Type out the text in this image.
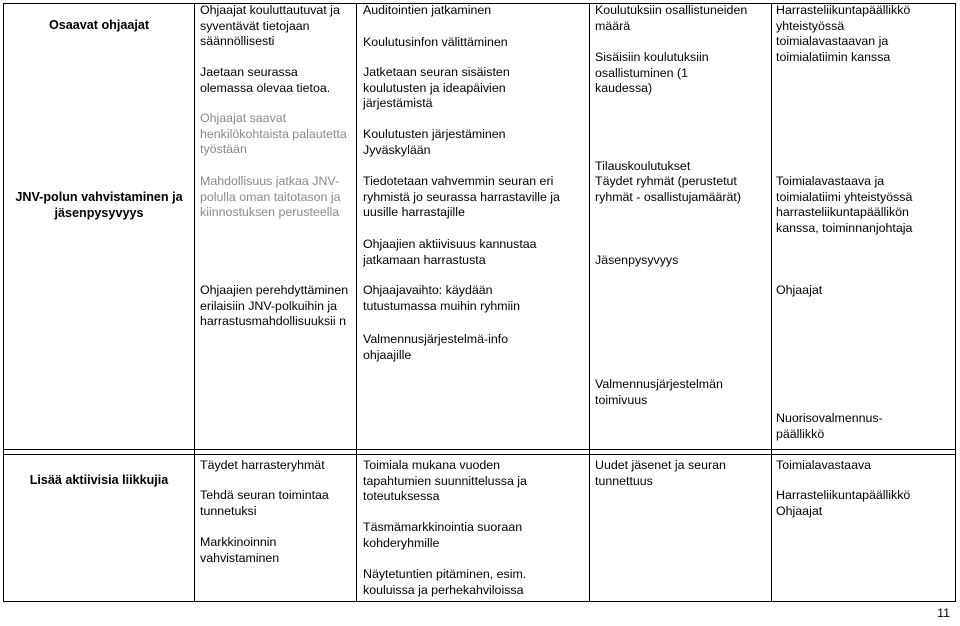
Osaavat ohjaajat
JNV-polun vahvistaminen ja jäsenpysyvyys
Lisää aktiivisia liikkujia
Ohjaajat kouluttautuvat ja syventävät tietojaan säännöllisesti
Jaetaan seurassa olemassa olevaa tietoa.
Ohjaajat saavat henkilökohtaista palautetta työstään
Mahdollisuus jatkaa JNV- polulla oman taitotason ja kiinnostuksen perusteella
Ohjaajien perehdyttäminen erilaisiin JNV-polkuihin ja harrastusmahdollisuuksii n
Täydet harrasteryhmät
Tehdä seuran toimintaa tunnetuksi
Markkinoinnin vahvistaminen
Auditointien jatkaminen
Koulutusinfon välittäminen
Jatketaan seuran sisäisten koulutusten ja ideapäivien järjestämistä
Koulutusten järjestäminen Jyväskylään
Tiedotetaan vahvemmin seuran eri ryhmistä jo seurassa harrastaville ja uusille harrastajille
Ohjaajien aktiivisuus kannustaa jatkamaan harrastusta
Ohjaajavaihto: käydään tutustumassa muihin ryhmiin
Valmennusjärjestelmä-info ohjaajille
Toimiala mukana vuoden tapahtumien suunnittelussa ja toteutuksessa
Täsmämarkkinointia suoraan kohderyhmille
Näytetuntien pitäminen, esim. kouluissa ja perhekahviloissa
Koulutuksiin osallistuneiden määrä
Sisäisiin koulutuksiin osallistuminen (1 kaudessa)
Tilauskoulutukset
Täydet ryhmät (perustetut ryhmät - osallistujamäärät)
Jäsenpysyvyys
Valmennusjärjestelmän toimivuus
Uudet jäsenet ja seuran tunnettuus
Harrasteliikuntapäällikkö yhteistyössä toimialavastaavan ja toimialatiimin kanssa
Toimialavastaava ja toimialatiimi yhteistyössä harrasteliikuntapäällikön kanssa, toiminnanjohtaja
Ohjaajat
Nuorisovalmennus-päällikkö
Toimialavastaava
Harrasteliikuntapäällikkö
Ohjaajat
11
